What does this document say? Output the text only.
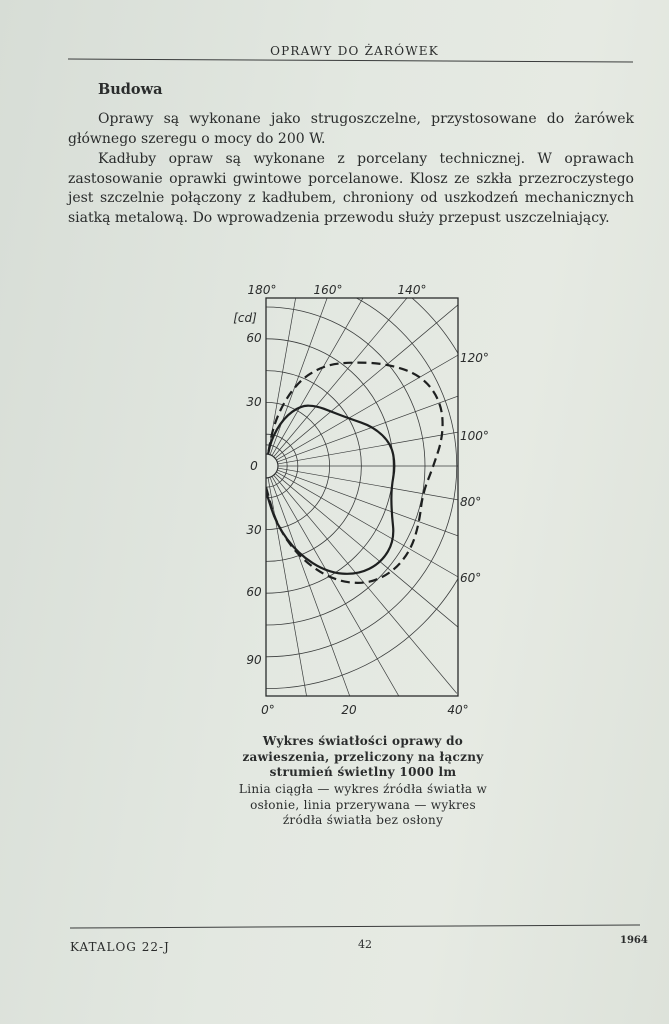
OPRAWY DO ŻARÓWEK
Budowa
Oprawy są wykonane jako strugoszczelne, przystosowane do żarówek głównego szeregu o mocy do 200 W.
Kadłuby opraw są wykonane z porcelany technicznej. W oprawach zastosowanie oprawki gwintowe porcelanowe. Klosz ze szkła przezroczystego jest szczelnie połączony z kadłubem, chroniony od uszkodzeń mechanicznych siatką metalową. Do wprowadzenia przewodu służy przepust uszczelniający.
180°	160°	140°
120°
100°
80°
60°
[cd]
60
30
0
30
60
90
0°	20	40°
Wykres światłości oprawy do zawieszenia, przeliczony na łączny strumień świetlny 1000 lm
Linia ciągła — wykres źródła światła w osłonie, linia przerywana — wykres źródła światła bez osłony
KATALOG 22-J	42	1964
